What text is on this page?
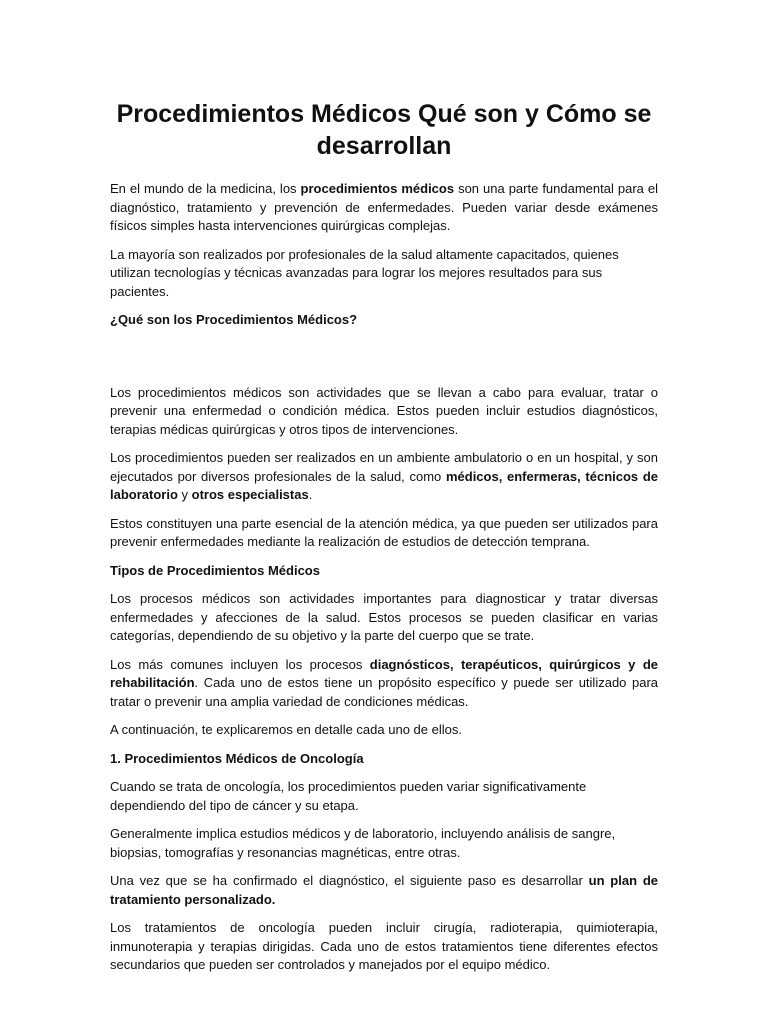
Procedimientos Médicos Qué son y Cómo se desarrollan

En el mundo de la medicina, los procedimientos médicos son una parte fundamental para el diagnóstico, tratamiento y prevención de enfermedades. Pueden variar desde exámenes físicos simples hasta intervenciones quirúrgicas complejas.

La mayoría son realizados por profesionales de la salud altamente capacitados, quienes utilizan tecnologías y técnicas avanzadas para lograr los mejores resultados para sus pacientes.

¿Qué son los Procedimientos Médicos?

Los procedimientos médicos son actividades que se llevan a cabo para evaluar, tratar o prevenir una enfermedad o condición médica. Estos pueden incluir estudios diagnósticos, terapias médicas quirúrgicas y otros tipos de intervenciones.

Los procedimientos pueden ser realizados en un ambiente ambulatorio o en un hospital, y son ejecutados por diversos profesionales de la salud, como médicos, enfermeras, técnicos de laboratorio y otros especialistas.

Estos constituyen una parte esencial de la atención médica, ya que pueden ser utilizados para prevenir enfermedades mediante la realización de estudios de detección temprana.

Tipos de Procedimientos Médicos

Los procesos médicos son actividades importantes para diagnosticar y tratar diversas enfermedades y afecciones de la salud. Estos procesos se pueden clasificar en varias categorías, dependiendo de su objetivo y la parte del cuerpo que se trate.

Los más comunes incluyen los procesos diagnósticos, terapéuticos, quirúrgicos y de rehabilitación. Cada uno de estos tiene un propósito específico y puede ser utilizado para tratar o prevenir una amplia variedad de condiciones médicas.

A continuación, te explicaremos en detalle cada uno de ellos.

1. Procedimientos Médicos de Oncología

Cuando se trata de oncología, los procedimientos pueden variar significativamente dependiendo del tipo de cáncer y su etapa.

Generalmente implica estudios médicos y de laboratorio, incluyendo análisis de sangre, biopsias, tomografías y resonancias magnéticas, entre otras.

Una vez que se ha confirmado el diagnóstico, el siguiente paso es desarrollar un plan de tratamiento personalizado.

Los tratamientos de oncología pueden incluir cirugía, radioterapia, quimioterapia, inmunoterapia y terapias dirigidas. Cada uno de estos tratamientos tiene diferentes efectos secundarios que pueden ser controlados y manejados por el equipo médico.
